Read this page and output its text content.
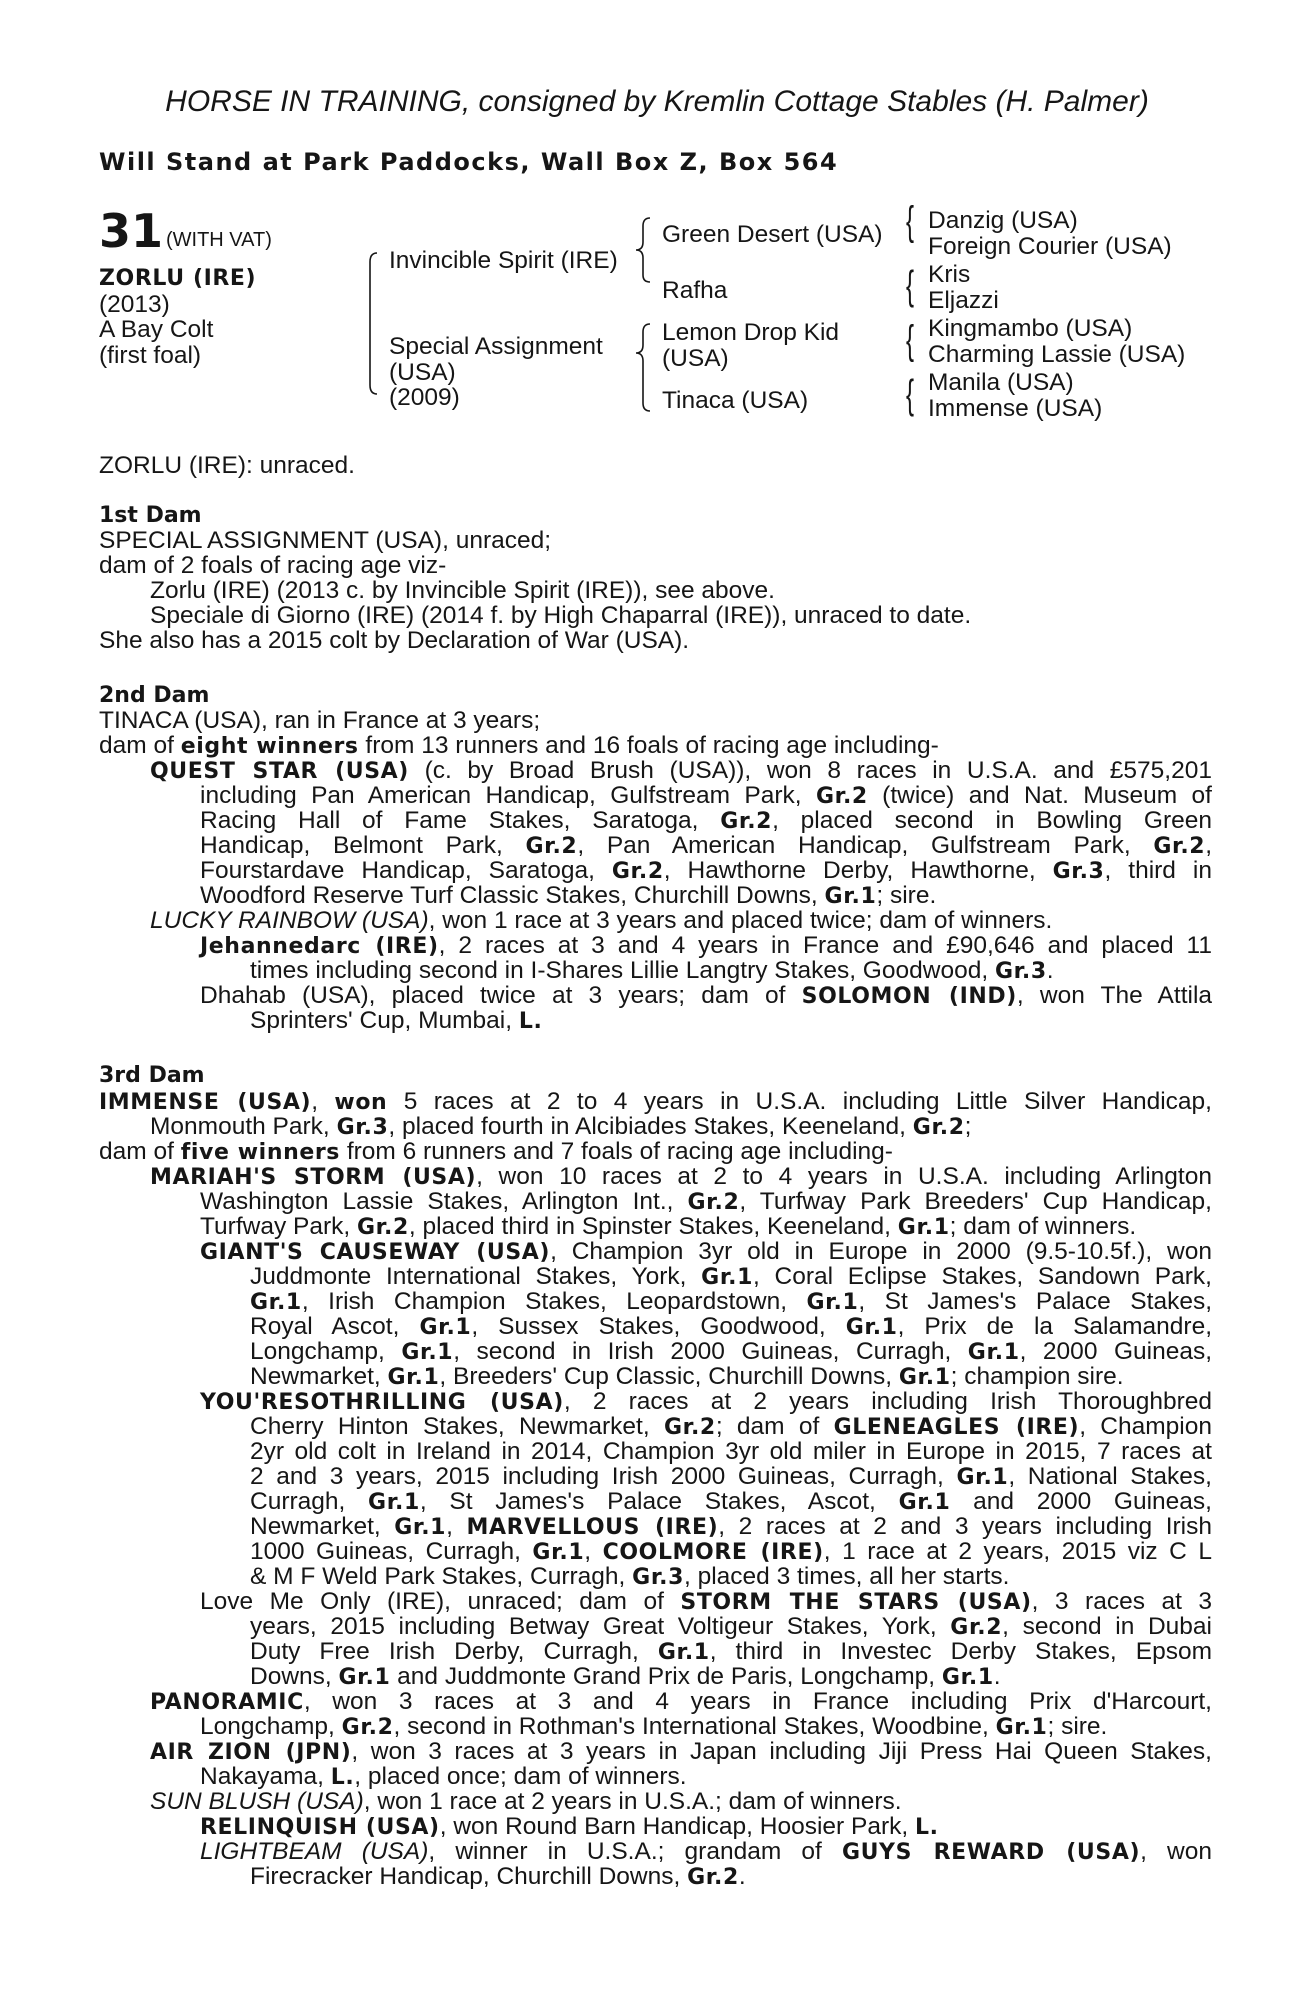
HORSE IN TRAINING, consigned by Kremlin Cottage Stables (H. Palmer)
Will Stand at Park Paddocks, Wall Box Z, Box 564
31 (WITH VAT)
ZORLU (IRE)
(2013)
A Bay Colt
(first foal)
{
{
{
{
Invincible Spirit (IRE)
Special Assignment
(USA)
(2009)
Green Desert (USA)
Rafha
Lemon Drop Kid
(USA)
Tinaca (USA)
Danzig (USA)
Foreign Courier (USA)
Kris
Eljazzi
Kingmambo (USA)
Charming Lassie (USA)
Manila (USA)
Immense (USA)
ZORLU (IRE): unraced.
1st Dam
SPECIAL ASSIGNMENT (USA), unraced;
dam of 2 foals of racing age viz-
Zorlu (IRE) (2013 c. by Invincible Spirit (IRE)), see above.
Speciale di Giorno (IRE) (2014 f. by High Chaparral (IRE)), unraced to date.
She also has a 2015 colt by Declaration of War (USA).
2nd Dam
TINACA (USA), ran in France at 3 years;
dam of eight winners from 13 runners and 16 foals of racing age including-
QUEST STAR (USA) (c. by Broad Brush (USA)), won 8 races in U.S.A. and £575,201
including Pan American Handicap, Gulfstream Park, Gr.2 (twice) and Nat. Museum of
Racing Hall of Fame Stakes, Saratoga, Gr.2, placed second in Bowling Green
Handicap, Belmont Park, Gr.2, Pan American Handicap, Gulfstream Park, Gr.2,
Fourstardave Handicap, Saratoga, Gr.2, Hawthorne Derby, Hawthorne, Gr.3, third in
Woodford Reserve Turf Classic Stakes, Churchill Downs, Gr.1; sire.
LUCKY RAINBOW (USA), won 1 race at 3 years and placed twice; dam of winners.
Jehannedarc (IRE), 2 races at 3 and 4 years in France and £90,646 and placed 11
times including second in I-Shares Lillie Langtry Stakes, Goodwood, Gr.3.
Dhahab (USA), placed twice at 3 years; dam of SOLOMON (IND), won The Attila
Sprinters' Cup, Mumbai, L.
3rd Dam
IMMENSE (USA), won 5 races at 2 to 4 years in U.S.A. including Little Silver Handicap,
Monmouth Park, Gr.3, placed fourth in Alcibiades Stakes, Keeneland, Gr.2;
dam of five winners from 6 runners and 7 foals of racing age including-
MARIAH'S STORM (USA), won 10 races at 2 to 4 years in U.S.A. including Arlington
Washington Lassie Stakes, Arlington Int., Gr.2, Turfway Park Breeders' Cup Handicap,
Turfway Park, Gr.2, placed third in Spinster Stakes, Keeneland, Gr.1; dam of winners.
GIANT'S CAUSEWAY (USA), Champion 3yr old in Europe in 2000 (9.5-10.5f.), won
Juddmonte International Stakes, York, Gr.1, Coral Eclipse Stakes, Sandown Park,
Gr.1, Irish Champion Stakes, Leopardstown, Gr.1, St James's Palace Stakes,
Royal Ascot, Gr.1, Sussex Stakes, Goodwood, Gr.1, Prix de la Salamandre,
Longchamp, Gr.1, second in Irish 2000 Guineas, Curragh, Gr.1, 2000 Guineas,
Newmarket, Gr.1, Breeders' Cup Classic, Churchill Downs, Gr.1; champion sire.
YOU'RESOTHRILLING (USA), 2 races at 2 years including Irish Thoroughbred
Cherry Hinton Stakes, Newmarket, Gr.2; dam of GLENEAGLES (IRE), Champion
2yr old colt in Ireland in 2014, Champion 3yr old miler in Europe in 2015, 7 races at
2 and 3 years, 2015 including Irish 2000 Guineas, Curragh, Gr.1, National Stakes,
Curragh, Gr.1, St James's Palace Stakes, Ascot, Gr.1 and 2000 Guineas,
Newmarket, Gr.1, MARVELLOUS (IRE), 2 races at 2 and 3 years including Irish
1000 Guineas, Curragh, Gr.1, COOLMORE (IRE), 1 race at 2 years, 2015 viz C L
& M F Weld Park Stakes, Curragh, Gr.3, placed 3 times, all her starts.
Love Me Only (IRE), unraced; dam of STORM THE STARS (USA), 3 races at 3
years, 2015 including Betway Great Voltigeur Stakes, York, Gr.2, second in Dubai
Duty Free Irish Derby, Curragh, Gr.1, third in Investec Derby Stakes, Epsom
Downs, Gr.1 and Juddmonte Grand Prix de Paris, Longchamp, Gr.1.
PANORAMIC, won 3 races at 3 and 4 years in France including Prix d'Harcourt,
Longchamp, Gr.2, second in Rothman's International Stakes, Woodbine, Gr.1; sire.
AIR ZION (JPN), won 3 races at 3 years in Japan including Jiji Press Hai Queen Stakes,
Nakayama, L., placed once; dam of winners.
SUN BLUSH (USA), won 1 race at 2 years in U.S.A.; dam of winners.
RELINQUISH (USA), won Round Barn Handicap, Hoosier Park, L.
LIGHTBEAM (USA), winner in U.S.A.; grandam of GUYS REWARD (USA), won
Firecracker Handicap, Churchill Downs, Gr.2.
